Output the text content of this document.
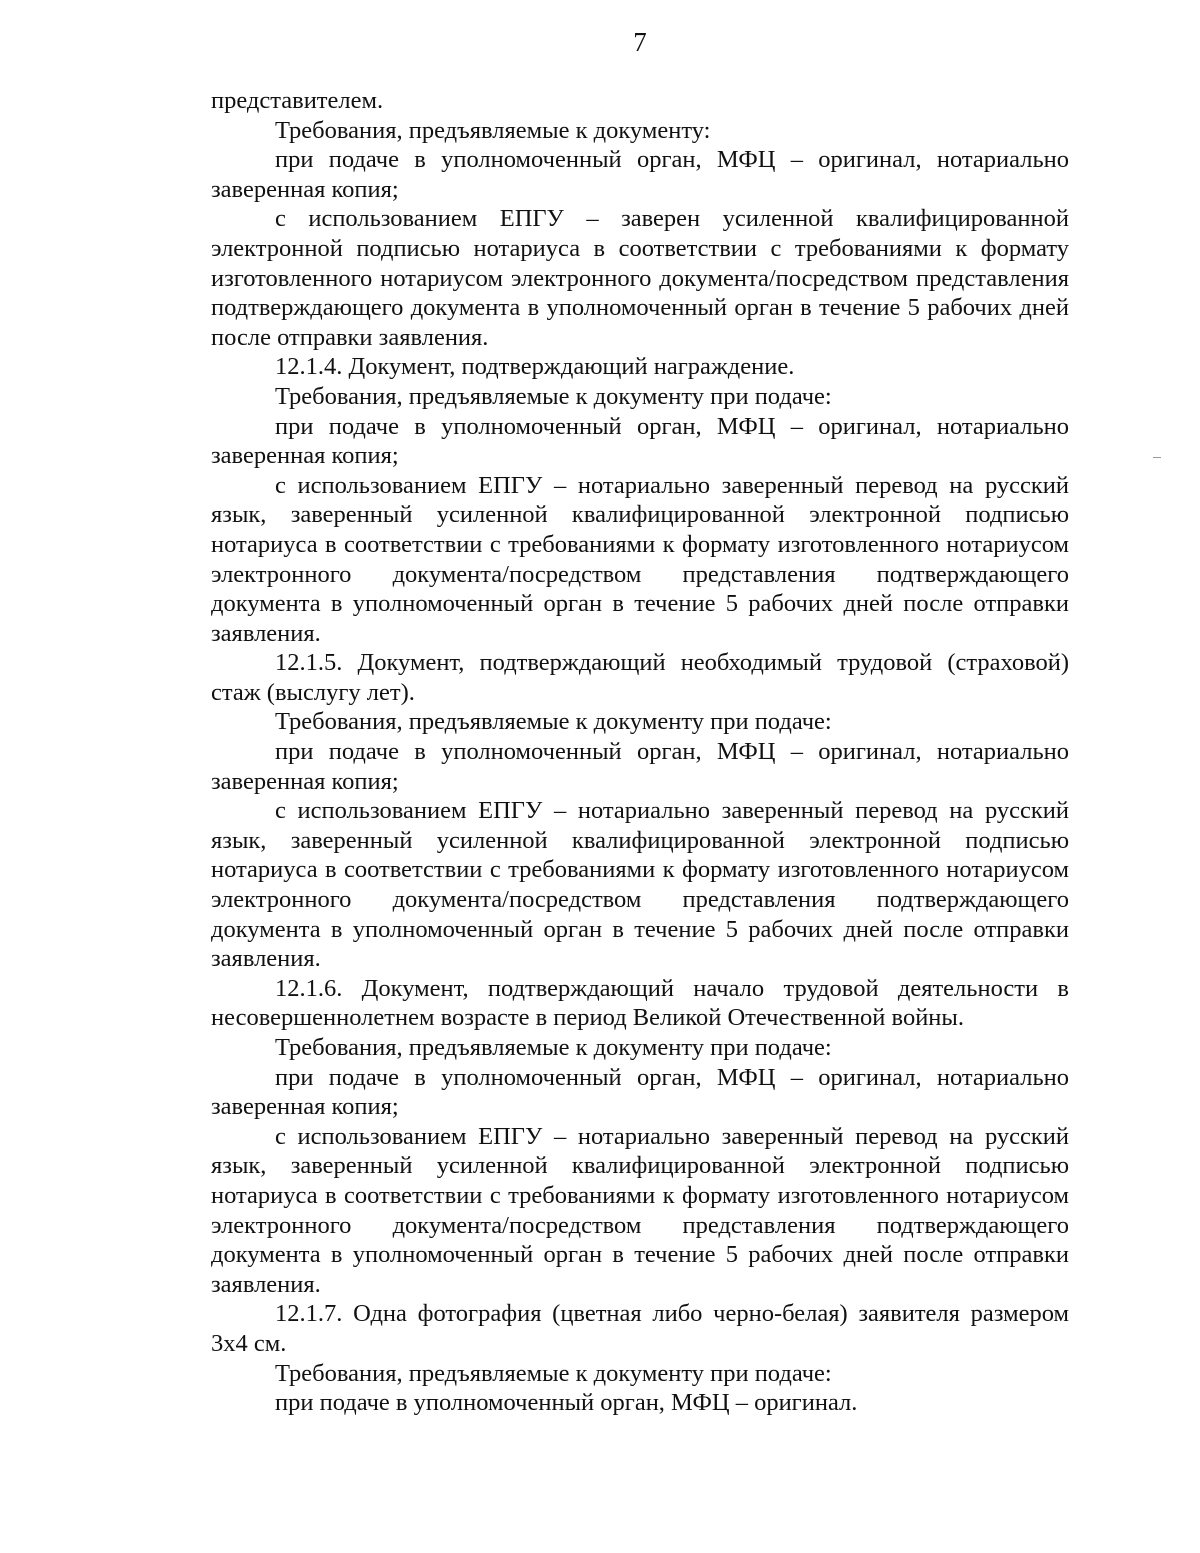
7

представителем.

Требования, предъявляемые к документу:

при подаче в уполномоченный орган, МФЦ – оригинал, нотариально заверенная копия;

с использованием ЕПГУ – заверен усиленной квалифицированной электронной подписью нотариуса в соответствии с требованиями к формату изготовленного нотариусом электронного документа/посредством представления подтверждающего документа в уполномоченный орган в течение 5 рабочих дней после отправки заявления.

12.1.4. Документ, подтверждающий награждение.

Требования, предъявляемые к документу при подаче:

при подаче в уполномоченный орган, МФЦ – оригинал, нотариально заверенная копия;

с использованием ЕПГУ – нотариально заверенный перевод на русский язык, заверенный усиленной квалифицированной электронной подписью нотариуса в соответствии с требованиями к формату изготовленного нотариусом электронного документа/посредством представления подтверждающего документа в уполномоченный орган в течение 5 рабочих дней после отправки заявления.

12.1.5. Документ, подтверждающий необходимый трудовой (страховой) стаж (выслугу лет).

Требования, предъявляемые к документу при подаче:

при подаче в уполномоченный орган, МФЦ – оригинал, нотариально заверенная копия;

с использованием ЕПГУ – нотариально заверенный перевод на русский язык, заверенный усиленной квалифицированной электронной подписью нотариуса в соответствии с требованиями к формату изготовленного нотариусом электронного документа/посредством представления подтверждающего документа в уполномоченный орган в течение 5 рабочих дней после отправки заявления.

12.1.6. Документ, подтверждающий начало трудовой деятельности в несовершеннолетнем возрасте в период Великой Отечественной войны.

Требования, предъявляемые к документу при подаче:

при подаче в уполномоченный орган, МФЦ – оригинал, нотариально заверенная копия;

с использованием ЕПГУ – нотариально заверенный перевод на русский язык, заверенный усиленной квалифицированной электронной подписью нотариуса в соответствии с требованиями к формату изготовленного нотариусом электронного документа/посредством представления подтверждающего документа в уполномоченный орган в течение 5 рабочих дней после отправки заявления.

12.1.7. Одна фотография (цветная либо черно-белая) заявителя размером 3х4 см.

Требования, предъявляемые к документу при подаче:

при подаче в уполномоченный орган, МФЦ – оригинал.
